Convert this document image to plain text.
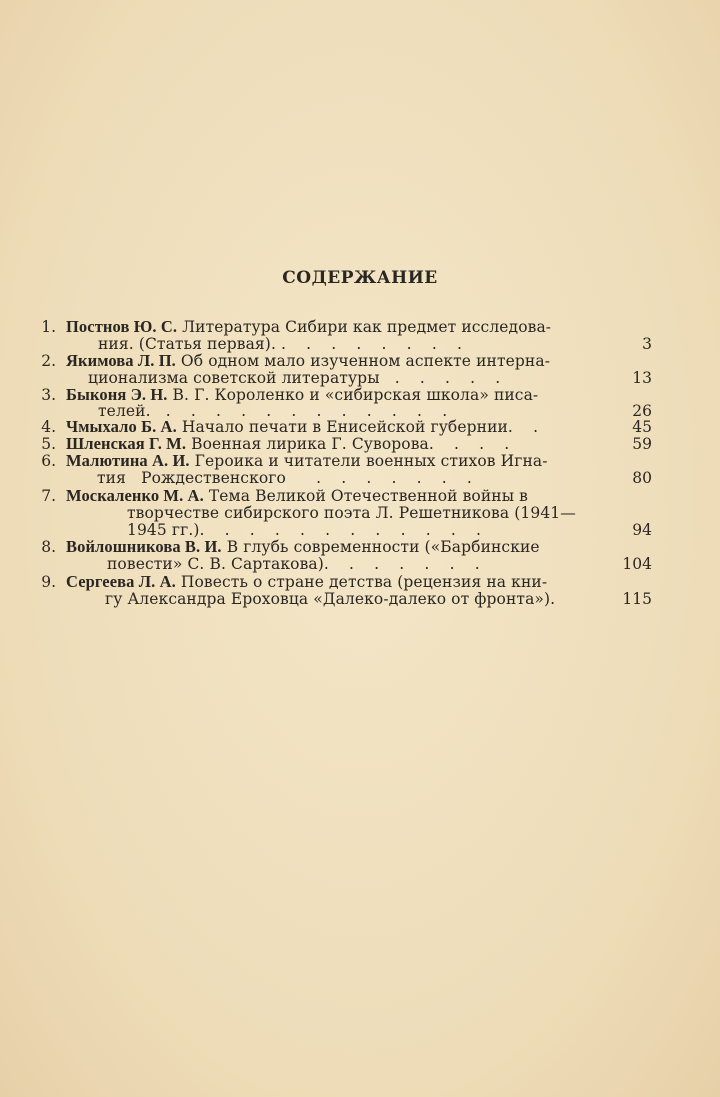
СОДЕРЖАНИЕ
1. Постнов Ю. С. Литература Сибири как предмет исследова-
ния. (Статья первая). .    .    .    .    .    .    .    .	3
2. Якимова Л. П. Об одном мало изученном аспекте интерна-
ционализма советской литературы   .    .    .    .    .	13
3. Быконя Э. Н. В. Г. Короленко и «сибирская школа» писа-
телей.   .    .    .    .    .    .    .    .    .    .    .    .	26
4. Чмыхало Б. А. Начало печати в Енисейской губернии.    .	45
5. Шленская Г. М. Военная лирика Г. Суворова.    .    .    .	59
6. Малютина А. И. Героика и читатели военных стихов Игна-
тия   Рождественского      .    .    .    .    .    .    .	80
7. Москаленко М. А. Тема Великой Отечественной войны в
творчестве сибирского поэта Л. Решетникова (1941—
1945 гг.).    .    .    .    .    .    .    .    .    .    .    .	94
8. Войлошникова В. И. В глубь современности («Барбинские
повести» С. В. Сартакова).    .    .    .    .    .    .	104
9. Сергеева Л. А. Повесть о стране детства (рецензия на кни-
гу Александра Ероховца «Далеко-далеко от фронта»).	115
